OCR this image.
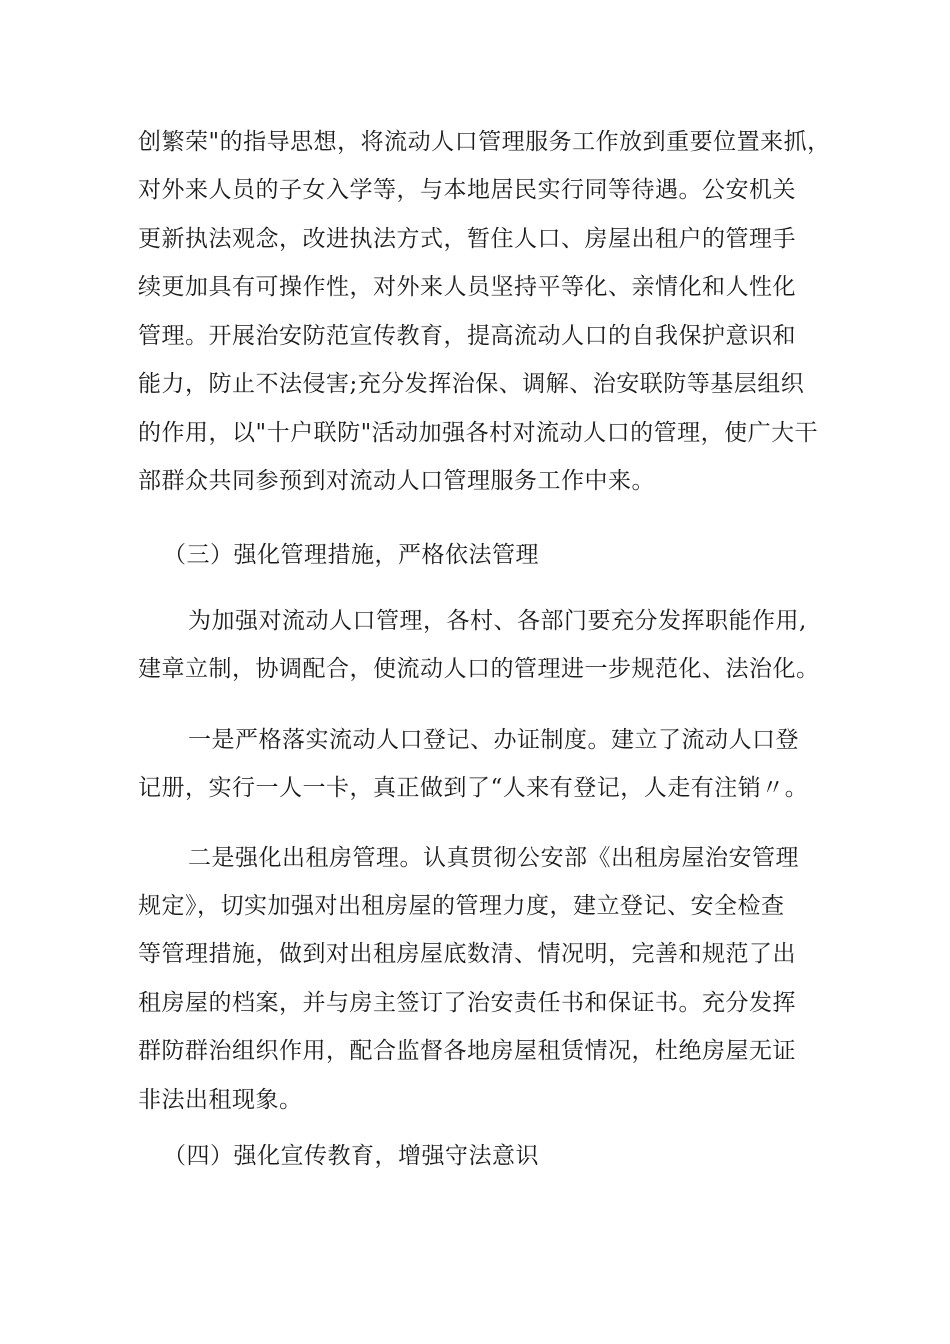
创繁荣"的指导思想，将流动人口管理服务工作放到重要位置来抓，
对外来人员的子女入学等，与本地居民实行同等待遇。公安机关
更新执法观念，改进执法方式，暂住人口、房屋出租户的管理手
续更加具有可操作性，对外来人员坚持平等化、亲情化和人性化
管理。开展治安防范宣传教育，提高流动人口的自我保护意识和
能力，防止不法侵害;充分发挥治保、调解、治安联防等基层组织
的作用，以"十户联防"活动加强各村对流动人口的管理，使广大干
部群众共同参预到对流动人口管理服务工作中来。
（三）强化管理措施，严格依法管理
为加强对流动人口管理，各村、各部门要充分发挥职能作用,
建章立制，协调配合，使流动人口的管理进一步规范化、法治化。
一是严格落实流动人口登记、办证制度。建立了流动人口登
记册，实行一人一卡，真正做到了“人来有登记，人走有注销〃。
二是强化出租房管理。认真贯彻公安部《出租房屋治安管理
规定》，切实加强对出租房屋的管理力度，建立登记、安全检查
等管理措施，做到对出租房屋底数清、情况明，完善和规范了出
租房屋的档案，并与房主签订了治安责任书和保证书。充分发挥
群防群治组织作用，配合监督各地房屋租赁情况，杜绝房屋无证
非法出租现象。
（四）强化宣传教育，增强守法意识
